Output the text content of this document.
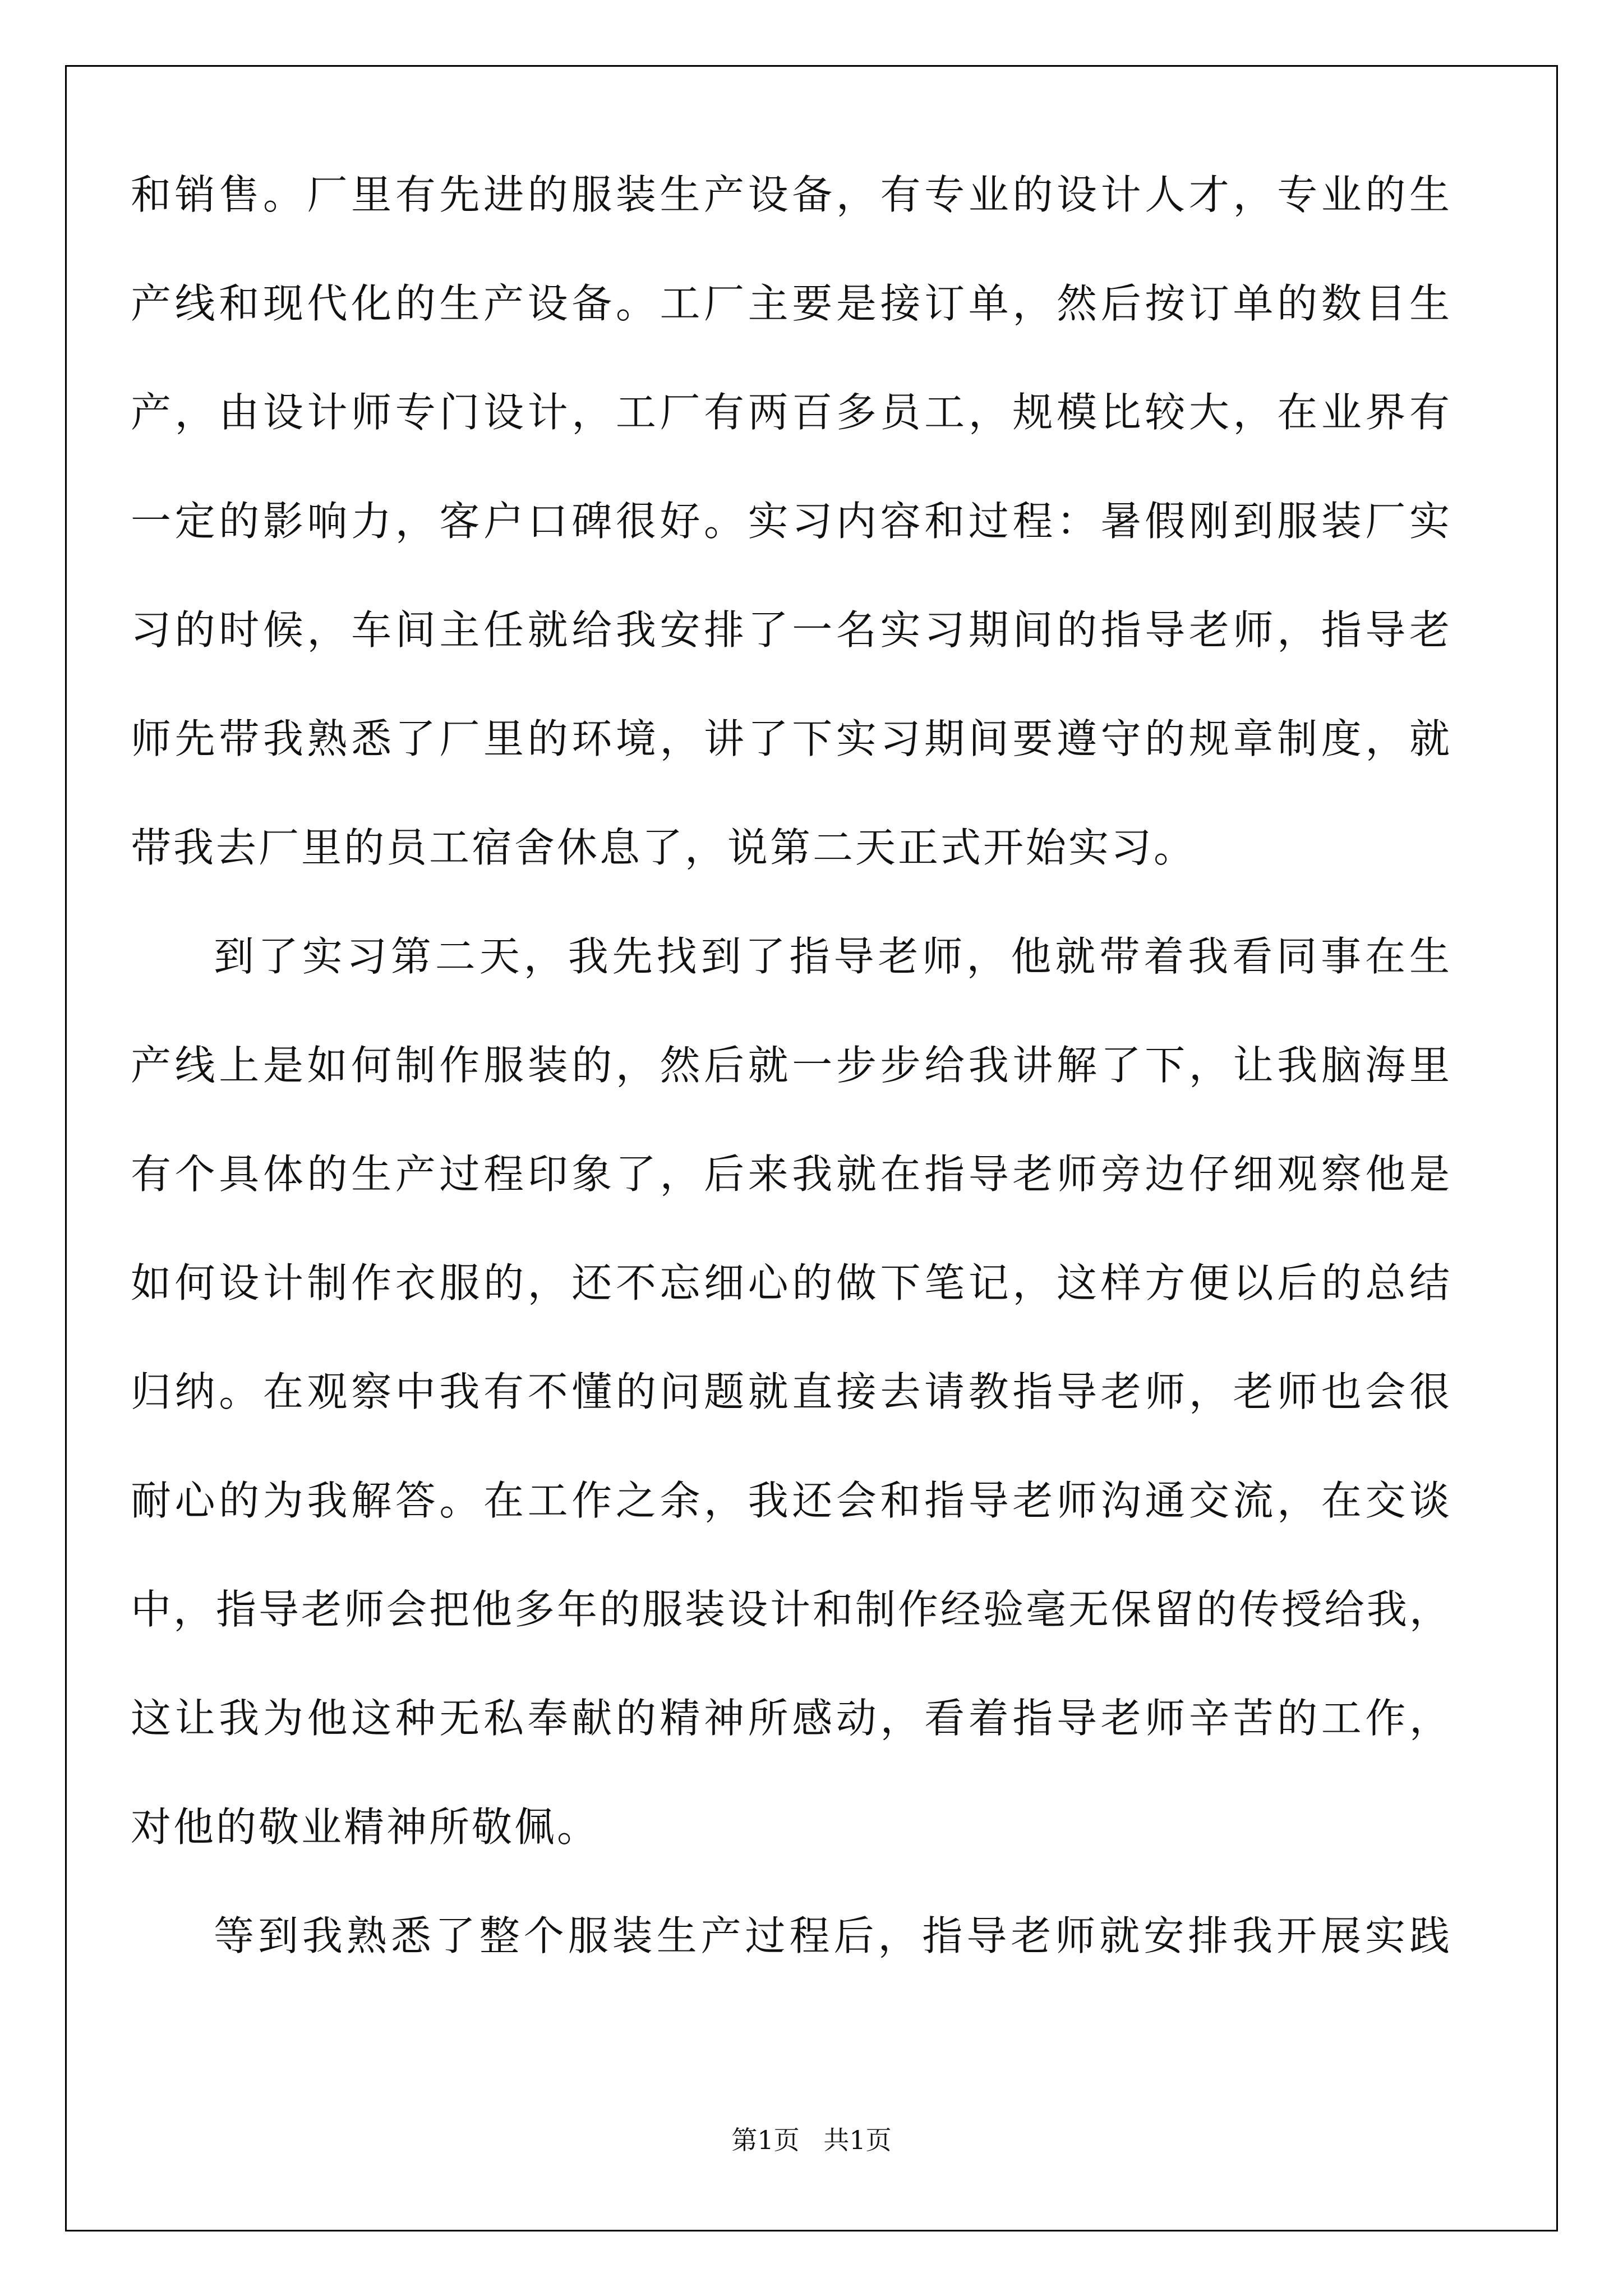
和销售。厂里有先进的服装生产设备，有专业的设计人才，专业的生
产线和现代化的生产设备。工厂主要是接订单，然后按订单的数目生
产，由设计师专门设计，工厂有两百多员工，规模比较大，在业界有
一定的影响力，客户口碑很好。实习内容和过程：暑假刚到服装厂实
习的时候，车间主任就给我安排了一名实习期间的指导老师，指导老
师先带我熟悉了厂里的环境，讲了下实习期间要遵守的规章制度，就
带我去厂里的员工宿舍休息了，说第二天正式开始实习。
到了实习第二天，我先找到了指导老师，他就带着我看同事在生
产线上是如何制作服装的，然后就一步步给我讲解了下，让我脑海里
有个具体的生产过程印象了，后来我就在指导老师旁边仔细观察他是
如何设计制作衣服的，还不忘细心的做下笔记，这样方便以后的总结
归纳。在观察中我有不懂的问题就直接去请教指导老师，老师也会很
耐心的为我解答。在工作之余，我还会和指导老师沟通交流，在交谈
中，指导老师会把他多年的服装设计和制作经验毫无保留的传授给我，
这让我为他这种无私奉献的精神所感动，看着指导老师辛苦的工作，
对他的敬业精神所敬佩。
等到我熟悉了整个服装生产过程后，指导老师就安排我开展实践
第1页 共1页
